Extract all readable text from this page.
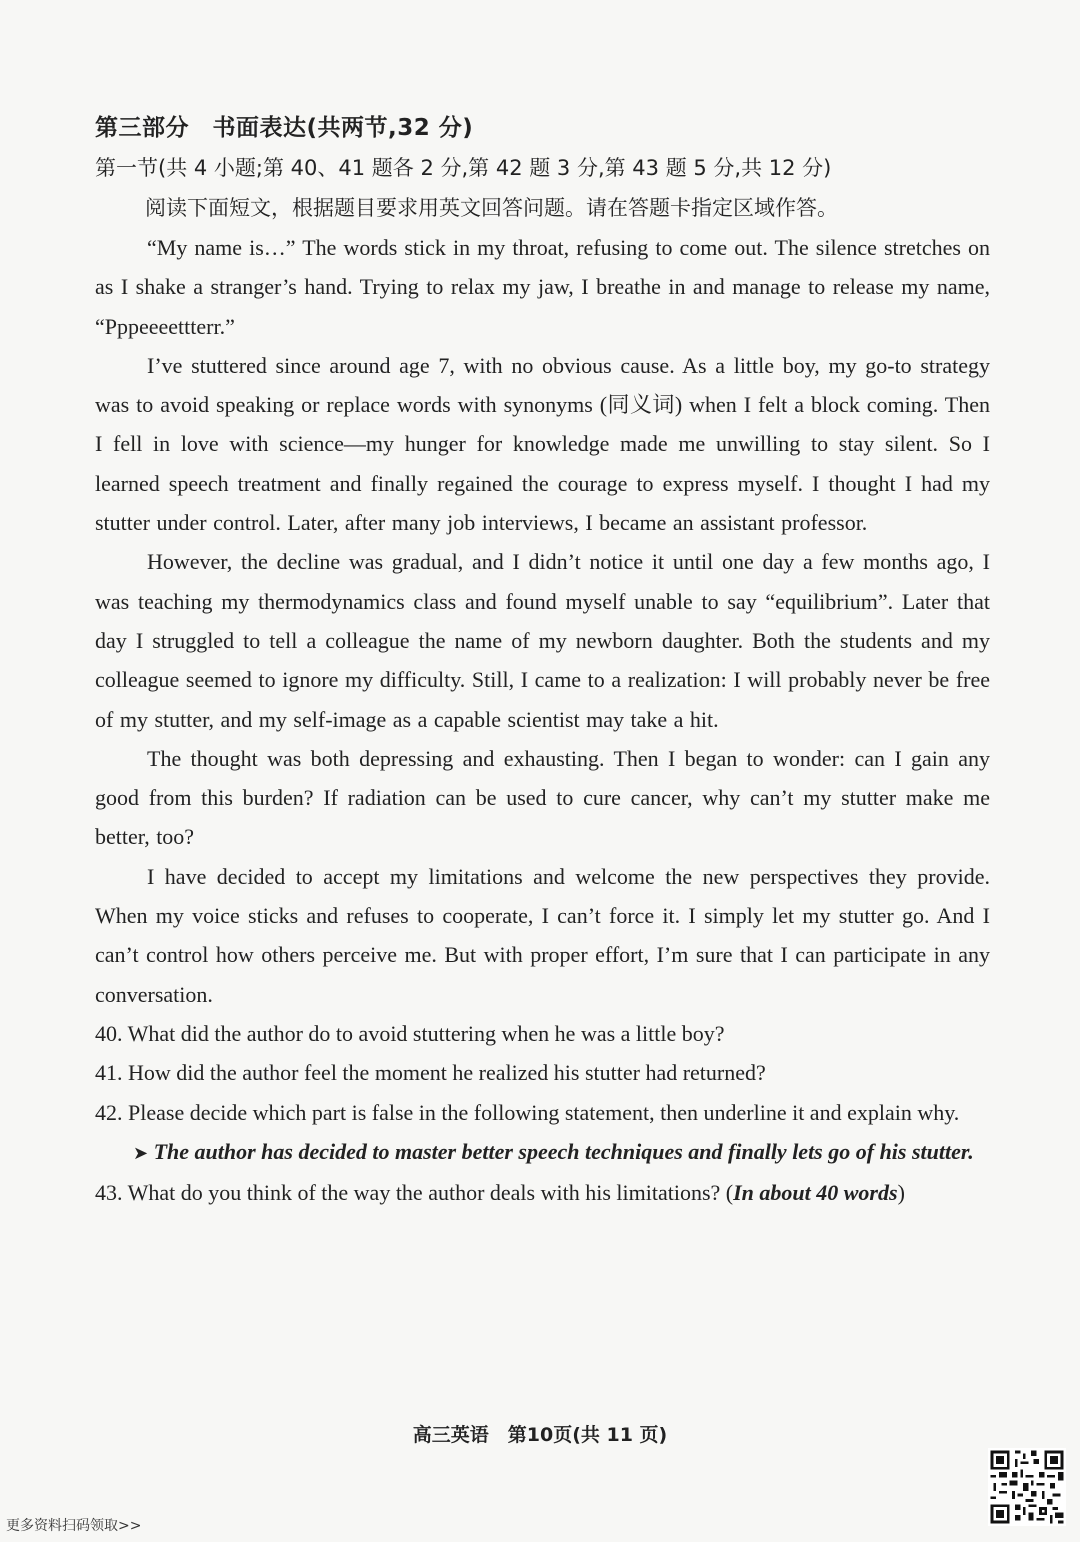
第三部分　书面表达(共两节,32 分)

第一节(共 4 小题;第 40、41 题各 2 分,第 42 题 3 分,第 43 题 5 分,共 12 分)

阅读下面短文，根据题目要求用英文回答问题。请在答题卡指定区域作答。

“My name is…” The words stick in my throat, refusing to come out. The silence stretches on as I shake a stranger’s hand. Trying to relax my jaw, I breathe in and manage to release my name, “Pppeeeettterr.”

I’ve stuttered since around age 7, with no obvious cause. As a little boy, my go-to strategy was to avoid speaking or replace words with synonyms (同义词) when I felt a block coming. Then I fell in love with science—my hunger for knowledge made me unwilling to stay silent. So I learned speech treatment and finally regained the courage to express myself. I thought I had my stutter under control. Later, after many job interviews, I became an assistant professor.

However, the decline was gradual, and I didn’t notice it until one day a few months ago, I was teaching my thermodynamics class and found myself unable to say “equilibrium”. Later that day I struggled to tell a colleague the name of my newborn daughter. Both the students and my colleague seemed to ignore my difficulty. Still, I came to a realization: I will probably never be free of my stutter, and my self-image as a capable scientist may take a hit.

The thought was both depressing and exhausting. Then I began to wonder: can I gain any good from this burden? If radiation can be used to cure cancer, why can’t my stutter make me better, too?

I have decided to accept my limitations and welcome the new perspectives they provide. When my voice sticks and refuses to cooperate, I can’t force it. I simply let my stutter go. And I can’t control how others perceive me. But with proper effort, I’m sure that I can participate in any conversation.

40. What did the author do to avoid stuttering when he was a little boy?

41. How did the author feel the moment he realized his stutter had returned?

42. Please decide which part is false in the following statement, then underline it and explain why.

➤ The author has decided to master better speech techniques and finally lets go of his stutter.

43. What do you think of the way the author deals with his limitations? (In about 40 words)

高三英语　第10页(共 11 页)
更多资料扫码领取>>
